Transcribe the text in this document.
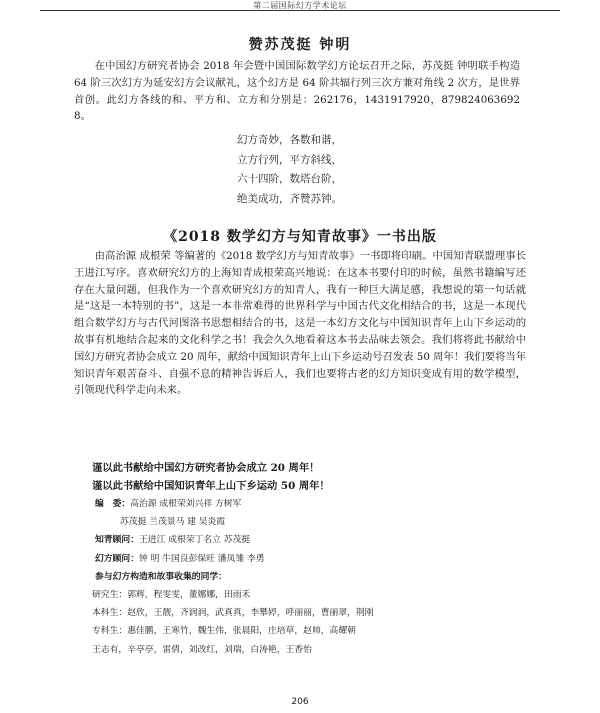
第二届国际幻方学术论坛
赞苏茂挺 钟明
在中国幻方研究者协会 2018 年会暨中国国际数学幻方论坛召开之际，苏茂挺 钟明联手构造 64 阶三次幻方为延安幻方会议献礼，这个幻方是 64 阶共辐行列三次方兼对角线 2 次方，是世界首创。此幻方各线的和、平方和、立方和分别是：262176，1431917920，8798240636928。
幻方奇妙，各数和谐，
立方行列，平方斜线，
六十四阶，数塔台阶，
绝美成功，齐赞苏钟。
《2018 数学幻方与知青故事》一书出版
由高治源 成根荣 等编著的《2018 数学幻方与知青故事》一书即将印刷。中国知青联盟理事长王进江写序。喜欢研究幻方的上海知青成根荣高兴地说：在这本书要付印的时候，虽然书籍编写还存在大量问题，但我作为一个喜欢研究幻方的知青人，我有一种巨大满足感，我想说的第一句话就是“这是一本特别的书”，这是一本非常难得的世界科学与中国古代文化相结合的书，这是一本现代组合数学幻方与古代河图洛书思想相结合的书，这是一本幻方文化与中国知识青年上山下乡运动的故事有机地结合起来的文化科学之书！我会久久地看着这本书去品味去领会。我们将将此书献给中国幻方研究者协会成立 20 周年，献给中国知识青年上山下乡运动号召发表 50 周年！我们要将当年知识青年艰苦奋斗、自强不息的精神告诉后人，我们也要将古老的幻方知识变成有用的数学模型，引领现代科学走向未来。
谨以此书献给中国幻方研究者协会成立 20 周年！
谨以此书献给中国知识青年上山下乡运动 50 周年！
编　委：高治源 成根荣刘兴祥 方树军
苏茂挺 兰茂景马 建 吴炎霞
知青顾问：王进江 成根荣丁名立 苏茂挺
幻方顾问：钟 明 牛国良彭保旺 潘凤雏 李勇
参与幻方构造和故事收集的同学：
研究生：郭辉，程雯雯，董娜娜，田雨禾
本科生：赵欣，王靓，齐润润，武真真，李攀婷，呼丽丽，曹丽翠，荆刚
专科生：惠佳鹏，王寒竹，魏生伟，张晨阳，庄培草，赵帅，高耀朝
王志有，辛亭亭，雷倩，刘改红，刘瑞，白涛艳，王香怡
206
